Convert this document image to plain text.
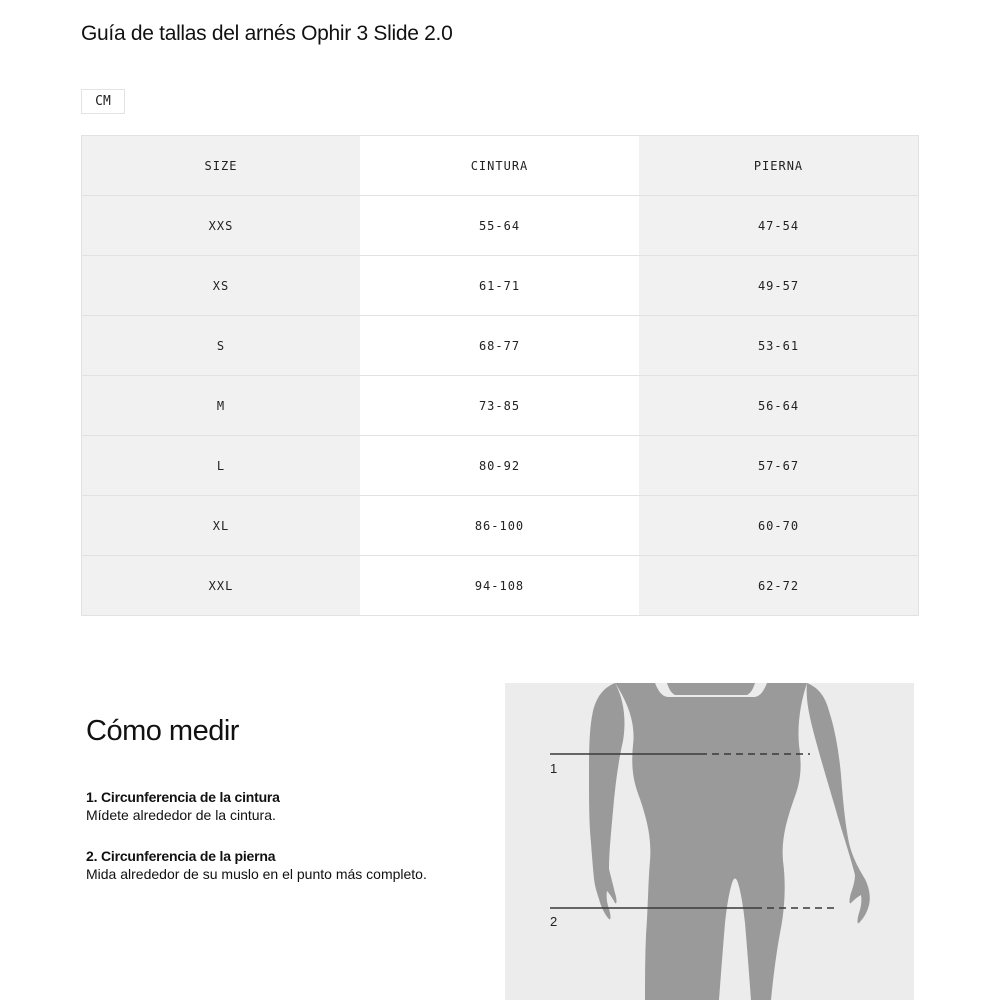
Guía de tallas del arnés Ophir 3 Slide 2.0
CM
SIZE	CINTURA	PIERNA
XXS	55-64	47-54
XS	61-71	49-57
S	68-77	53-61
M	73-85	56-64
L	80-92	57-67
XL	86-100	60-70
XXL	94-108	62-72
Cómo medir
1. Circunferencia de la cintura
Mídete alrededor de la cintura.
2. Circunferencia de la pierna
Mida alrededor de su muslo en el punto más completo.
1
2
